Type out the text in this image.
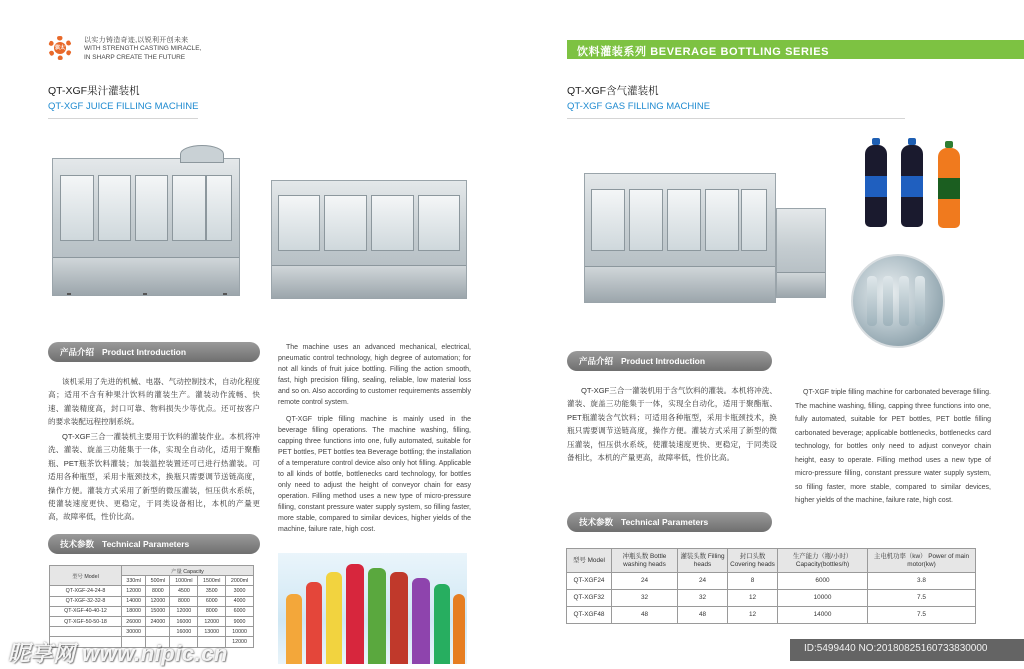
骐太
以实力铸造奇迹,以锐利开创未来
WITH STRENGTH CASTING MIRACLE,
IN SHARP CREATE THE FUTURE	饮料灌装系列 BEVERAGE BOTTLING SERIES
QT-XGF果汁灌装机
QT-XGF JUICE FILLING MACHINE
产品介绍 Product Introduction
该机采用了先进的机械、电器、气动控制技术，自动化程度高；适用不含有种果汁饮料的灌装生产。灌装动作流畅、快速、灌装精度高，封口可靠、物料损失少等优点。还可按客户的要求装配远程控制系统。
QT-XGF三合一灌装机主要用于饮料的灌装作业。本机将冲洗、灌装、旋盖三功能集于一体，实现全自动化，适用于聚酯瓶、PET瓶茶饮料灌装；加装温控装置还可已进行热灌装。可适用各种瓶型，采用卡瓶颈技术，换瓶只需要调节送链高度，操作方便。灌装方式采用了新型的微压灌装，恒压供水系统，使灌装速度更快、更稳定，于同类设备相比，本机的产量更高，故障率低，性价比高。
The machine uses an advanced mechanical, electrical, pneumatic control technology, high degree of automation; for not all kinds of fruit juice bottling. Filling the action smooth, fast, high precision filling, sealing, reliable, low material loss and so on. Also according to customer requirements assembly remote control system.
QT-XGF triple filling machine is mainly used in the beverage filling operations. The machine washing, filling, capping three functions into one, fully automated, suitable for PET bottles, PET bottles tea Beverage bottling; the installation of a temperature control device also only hot filling. Applicable to all kinds of bottle, bottlenecks card technology, for bottles only need to adjust the height of conveyor chain for easy operation. Filling method uses a new type of micro-pressure filling, constant pressure water supply system, so filling faster, more stable, compared to similar devices, higher yields of the machine, failure rate, high cost.
技术参数 Technical Parameters
型号 Model	产量 Capacity				
	330ml	500ml	1000ml	1500ml	2000ml
QT-XGF-24-24-8	12000	8000	4500	3500	3000
QT-XGF-32-32-8	14000	12000	8000	6000	4000
QT-XGF-40-40-12	18000	15000	12000	8000	6000
QT-XGF-50-50-18	26000	24000	16000	12000	9000
	30000		16000	13000	10000
					12000
QT-XGF含气灌装机
QT-XGF GAS FILLING MACHINE
产品介绍 Product Introduction
QT-XGF三合一灌装机用于含气饮料的灌装。本机将冲洗、灌装、旋盖三功能集于一体，实现全自动化，适用于聚酯瓶、PET瓶灌装含气饮料；可适用各种瓶型，采用卡瓶颈技术，换瓶只需要调节送链高度，操作方便。灌装方式采用了新型的微压灌装，恒压供水系统，使灌装速度更快、更稳定，于同类设备相比，本机的产量更高，故障率低，性价比高。
QT-XGF triple filling machine for carbonated beverage filling. The machine washing, filling, capping three functions into one, fully automated, suitable for PET bottles, PET bottle filling carbonated beverage; applicable bottlenecks, bottlenecks card technology, for bottles only need to adjust conveyor chain height, easy to operate. Filling method uses a new type of micro-pressure filling, constant pressure water supply system, so filling faster, more stable, compared to similar devices, higher yields of the machine, failure rate, high cost.
技术参数 Technical Parameters
型号 Model	冲瓶头数 Bottle washing heads	灌装头数 Filling heads	封口头数 Covering heads	生产能力（瓶/小时） Capacity(bottles/h)	主电机功率（kw） Power of main motor(kw)
QT-XGF24	24	24	8	6000	3.8
QT-XGF32	32	32	12	10000	7.5
QT-XGF48	48	48	12	14000	7.5
昵享网 www.nipic.cn	ID:5499440 NO:20180825160733830000
